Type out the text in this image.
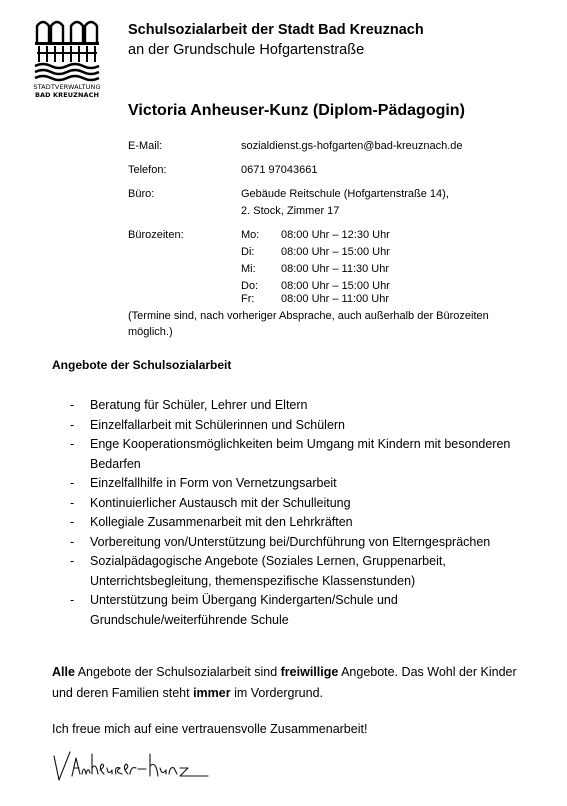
STADTVERWALTUNG
BAD KREUZNACH
Schulsozialarbeit der Stadt Bad Kreuznach
an der Grundschule Hofgartenstraße
Victoria Anheuser-Kunz (Diplom-Pädagogin)
E-Mail:	sozialdienst.gs-hofgarten@bad-kreuznach.de
Telefon:	0671 97043661
Büro:	Gebäude Reitschule (Hofgartenstraße 14),
2. Stock, Zimmer 17
Bürozeiten:	Mo: 08:00 Uhr – 12:30 Uhr
Di: 08:00 Uhr – 15:00 Uhr
Mi: 08:00 Uhr – 11:30 Uhr
Do: 08:00 Uhr – 15:00 Uhr
Fr: 08:00 Uhr – 11:00 Uhr
(Termine sind, nach vorheriger Absprache, auch außerhalb der Bürozeiten möglich.)
Angebote der Schulsozialarbeit
- Beratung für Schüler, Lehrer und Eltern
- Einzelfallarbeit mit Schülerinnen und Schülern
- Enge Kooperationsmöglichkeiten beim Umgang mit Kindern mit besonderen Bedarfen
- Einzelfallhilfe in Form von Vernetzungsarbeit
- Kontinuierlicher Austausch mit der Schulleitung
- Kollegiale Zusammenarbeit mit den Lehrkräften
- Vorbereitung von/Unterstützung bei/Durchführung von Elterngesprächen
- Sozialpädagogische Angebote (Soziales Lernen, Gruppenarbeit, Unterrichtsbegleitung, themenspezifische Klassenstunden)
- Unterstützung beim Übergang Kindergarten/Schule und Grundschule/weiterführende Schule
Alle Angebote der Schulsozialarbeit sind freiwillige Angebote. Das Wohl der Kinder und deren Familien steht immer im Vordergrund.
Ich freue mich auf eine vertrauensvolle Zusammenarbeit!
